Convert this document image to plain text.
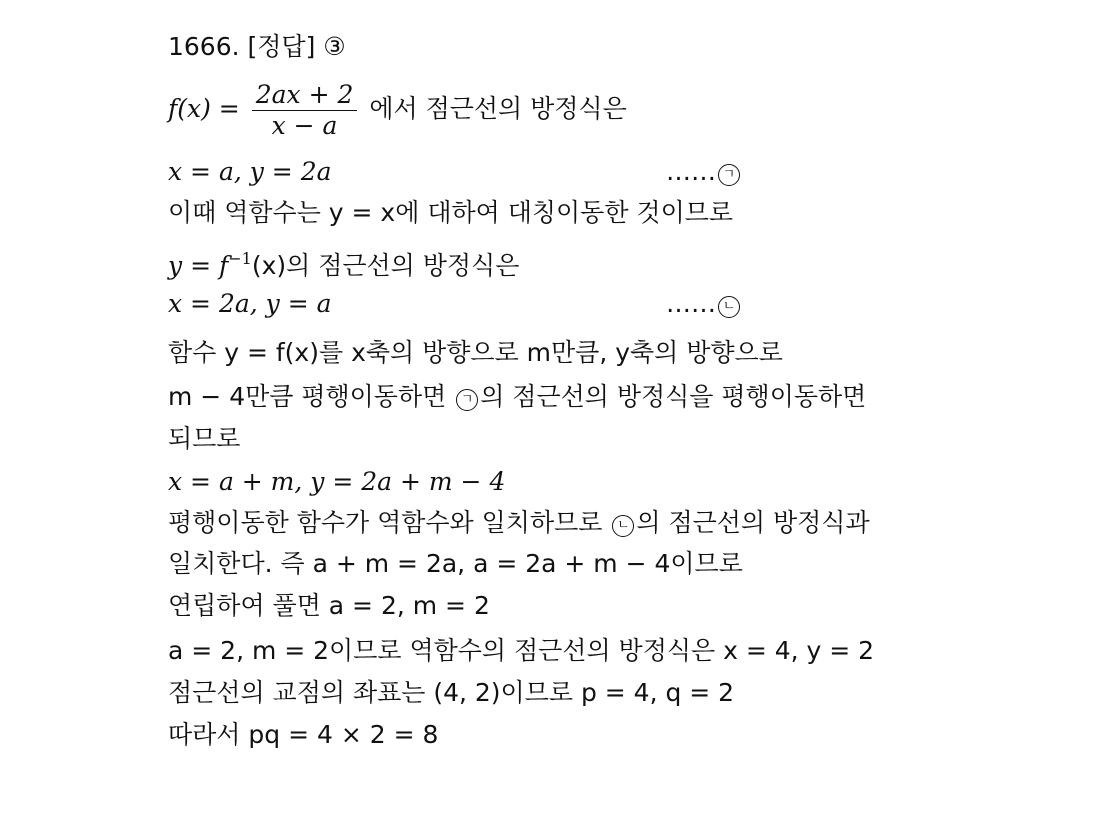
1666. [정답] ③
$f(x) = \frac{2ax + 2}{x - a}$ 에서 점근선의 방정식은
x = a, y = 2a	…… ㄱ
이때 역함수는 y = x에 대하여 대칭이동한 것이므로
$y = f^{-1}(x)$의 점근선의 방정식은
x = 2a, y = a	…… ㄴ
함수 y = f(x)를 x축의 방향으로 m만큼, y축의 방향으로
m − 4만큼 평행이동하면 ㄱ 의 점근선의 방정식을 평행이동하면
되므로
x = a + m, y = 2a + m − 4
평행이동한 함수가 역함수와 일치하므로 ㄴ 의 점근선의 방정식과
일치한다. 즉 a + m = 2a, a = 2a + m − 4이므로
연립하여 풀면 a = 2, m = 2
a = 2, m = 2이므로 역함수의 점근선의 방정식은 x = 4, y = 2
점근선의 교점의 좌표는 (4, 2)이므로 p = 4, q = 2
따라서 pq = 4 × 2 = 8
